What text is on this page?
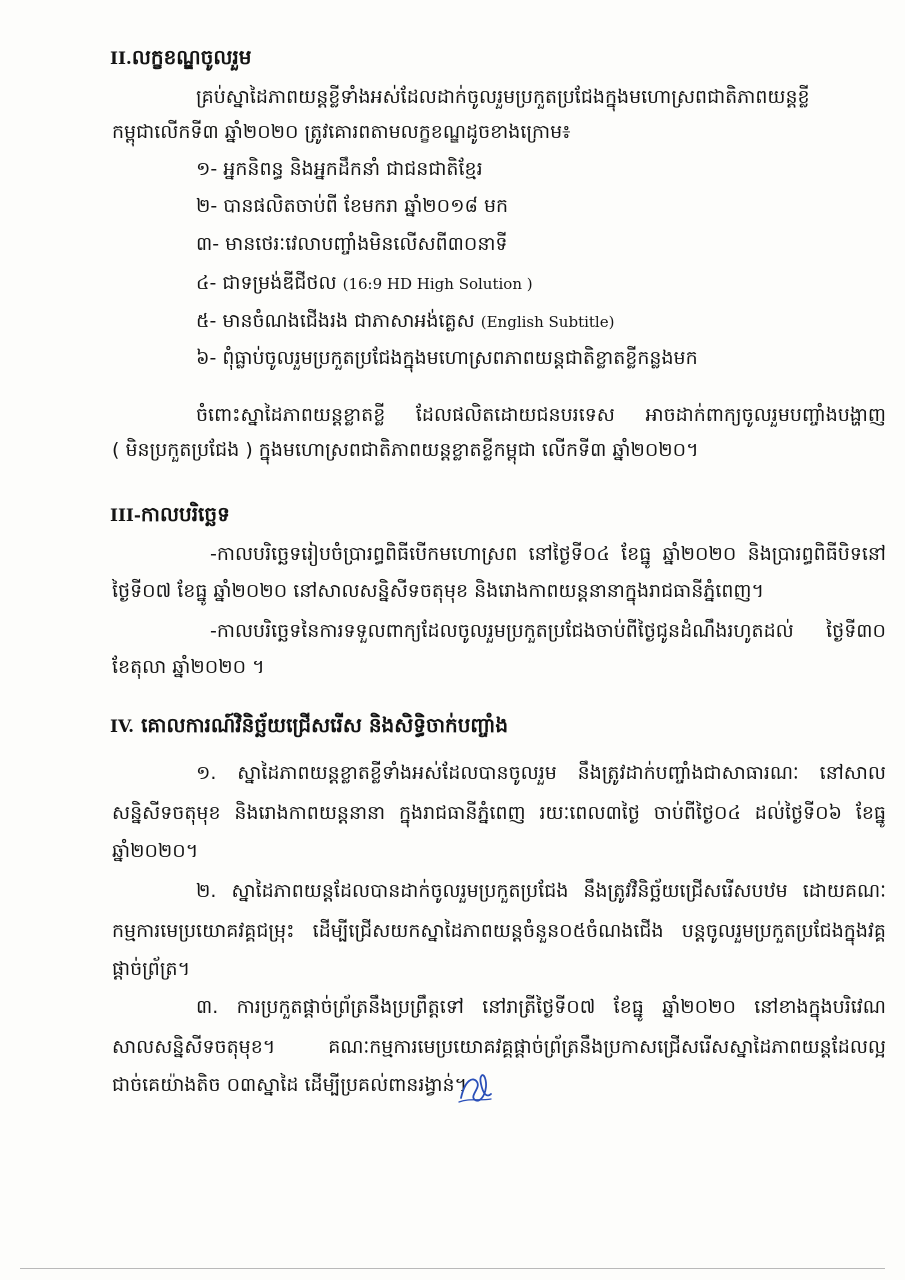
II.លក្ខខណ្ឌចូលរួម
គ្រប់ស្នាដៃភាពយន្តខ្លីទាំងអស់ដែលដាក់ចូលរួមប្រកួតប្រជែងក្នុងមហោស្រពជាតិភាពយន្តខ្លី
កម្ពុជាលើកទី៣ ឆ្នាំ២០២០ ត្រូវគោរពតាមលក្ខខណ្ឌដូចខាងក្រោម៖
១- អ្នកនិពន្ធ និងអ្នកដឹកនាំ ជាជនជាតិខ្មែរ
២- បានផលិតចាប់ពី ខែមករា ឆ្នាំ២០១៨ មក
៣- មានថេរៈវេលាបញ្ចាំងមិនលើសពី៣០នាទី
៤- ជាទម្រង់ឌីជីថល (16:9 HD High Solution )
៥- មានចំណងជើងរង ជាភាសាអង់គ្លេស (English Subtitle)
៦- ពុំធ្លាប់ចូលរួមប្រកួតប្រជែងក្នុងមហោស្រពភាពយន្តជាតិខ្លាតខ្លីកន្លងមក
ចំពោះស្នាដៃភាពយន្តខ្លាតខ្លី ដែលផលិតដោយជនបរទេស អាចដាក់ពាក្យចូលរួមបញ្ចាំងបង្ហាញ
( មិនប្រកួតប្រជែង ) ក្នុងមហោស្រពជាតិភាពយន្តខ្លាតខ្លីកម្ពុជា លើកទី៣ ឆ្នាំ២០២០។
III-កាលបរិច្ឆេទ
-កាលបរិច្ឆេទរៀបចំប្រារព្ធពិធីបើកមហោស្រព នៅថ្ងៃទី០៤ ខែធ្នូ ឆ្នាំ២០២០ និងប្រារព្ធពិធីបិទនៅ
ថ្ងៃទី០៧ ខែធ្នូ ឆ្នាំ២០២០ នៅសាលសន្និសីទចតុមុខ និងរោងកាពយន្តនានាក្នុងរាជធានីភ្នំពេញ។
-កាលបរិច្ឆេទនៃការទទួលពាក្យដែលចូលរួមប្រកួតប្រជែងចាប់ពីថ្ងៃជូនដំណឹងរហូតដល់ ថ្ងៃទី៣០
ខែតុលា ឆ្នាំ២០២០ ។
IV. គោលការណ៍វិនិច្ឆ័យជ្រើសរើស និងសិទ្ធិចាក់បញ្ចាំង
១. ស្នាដៃភាពយន្តខ្លាតខ្លីទាំងអស់ដែលបានចូលរួម នឹងត្រូវដាក់បញ្ចាំងជាសាធារណៈ នៅសាល
សន្និសីទចតុមុខ និងរោងកាពយន្តនានា ក្នុងរាជធានីភ្នំពេញ រយៈពេល៣ថ្ងៃ ចាប់ពីថ្ងៃ០៤ ដល់ថ្ងៃទី០៦ ខែធ្នូ
ឆ្នាំ២០២០។
២. ស្នាដៃភាពយន្តដែលបានដាក់ចូលរួមប្រកួតប្រជែង នឹងត្រូវវិនិច្ឆ័យជ្រើសរើសបឋម ដោយគណៈ
កម្មការមេប្រយោគវគ្គជម្រុះ ដើម្បីជ្រើសយកស្នាដៃភាពយន្តចំនួន០៥ចំណងជើង បន្តចូលរួមប្រកួតប្រជែងក្នុងវគ្គ
ផ្តាច់ព្រ័ត្រ។
៣. ការប្រកួតផ្តាច់ព្រ័ត្រនឹងប្រព្រឹត្តទៅ នៅរាត្រីថ្ងៃទី០៧ ខែធ្នូ ឆ្នាំ២០២០ នៅខាងក្នុងបរិវេណ
សាលសន្និសីទចតុមុខ។ គណៈកម្មការមេប្រយោគវគ្គផ្តាច់ព្រ័ត្រនឹងប្រកាសជ្រើសរើសស្នាដៃភាពយន្តដែលល្អ
ជាច់គេយ៉ាងតិច ០៣ស្នាដៃ ដើម្បីប្រគល់ពានរង្វាន់។
